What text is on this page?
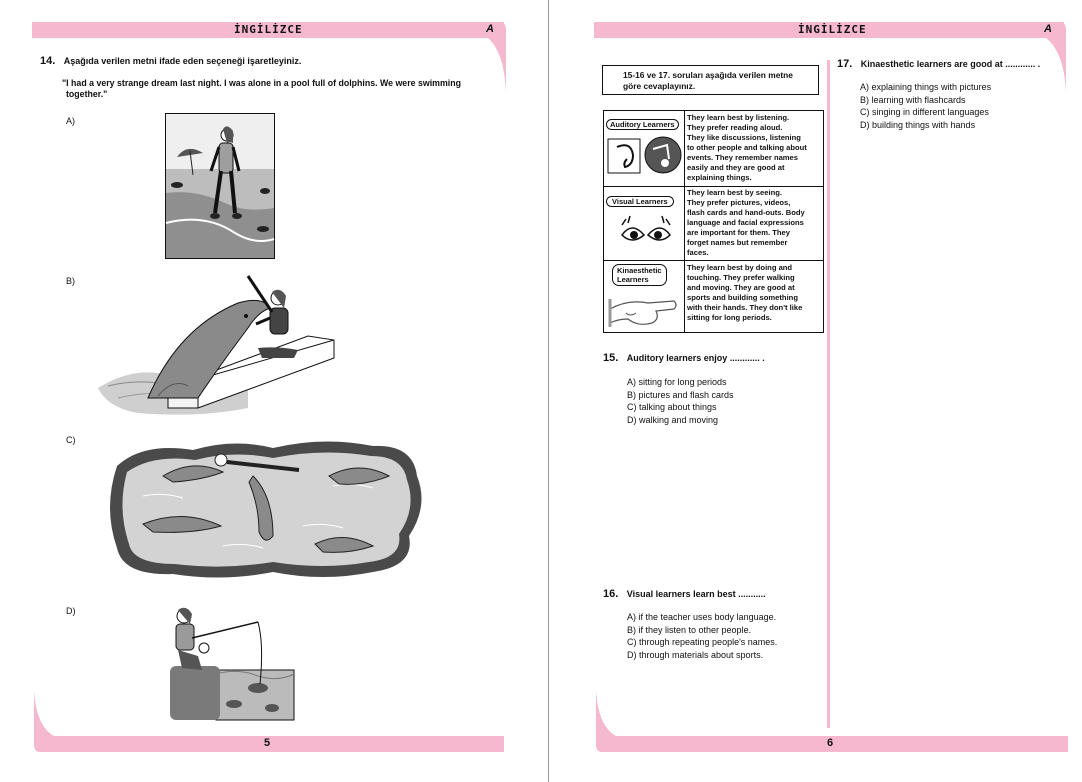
İNGİLİZCE	A
14. Aşağıda verilen metni ifade eden seçeneği işaretleyiniz.
"I had a very strange dream last night. I was alone in a pool full of dolphins. We were swimming
together."
A)
B)
C)
D)
5
İNGİLİZCE	A
15-16 ve 17. soruları aşağıda verilen metne
göre cevaplayınız.
Auditory Learners
They learn best by listening.
They prefer reading aloud.
They like discussions, listening
to other people and talking about
events. They remember names
easily and they are good at
explaining things.
Visual Learners
They learn best by seeing.
They prefer pictures, videos,
flash cards and hand-outs. Body
language and facial expressions
are important for them. They
forget names but remember
faces.
Kinaesthetic
Learners
They learn best by doing and
touching. They prefer walking
and moving. They are good at
sports and building something
with their hands. They don't like
sitting for long periods.
15. Auditory learners enjoy ............ .
A) sitting for long periods
B) pictures and flash cards
C) talking about things
D) walking and moving
16. Visual learners learn best ...........
A) if the teacher uses body language.
B) if they listen to other people.
C) through repeating people's names.
D) through materials about sports.
17. Kinaesthetic learners are good at ............ .
A) explaining things with pictures
B) learning with flashcards
C) singing in different languages
D) building things with hands
6
